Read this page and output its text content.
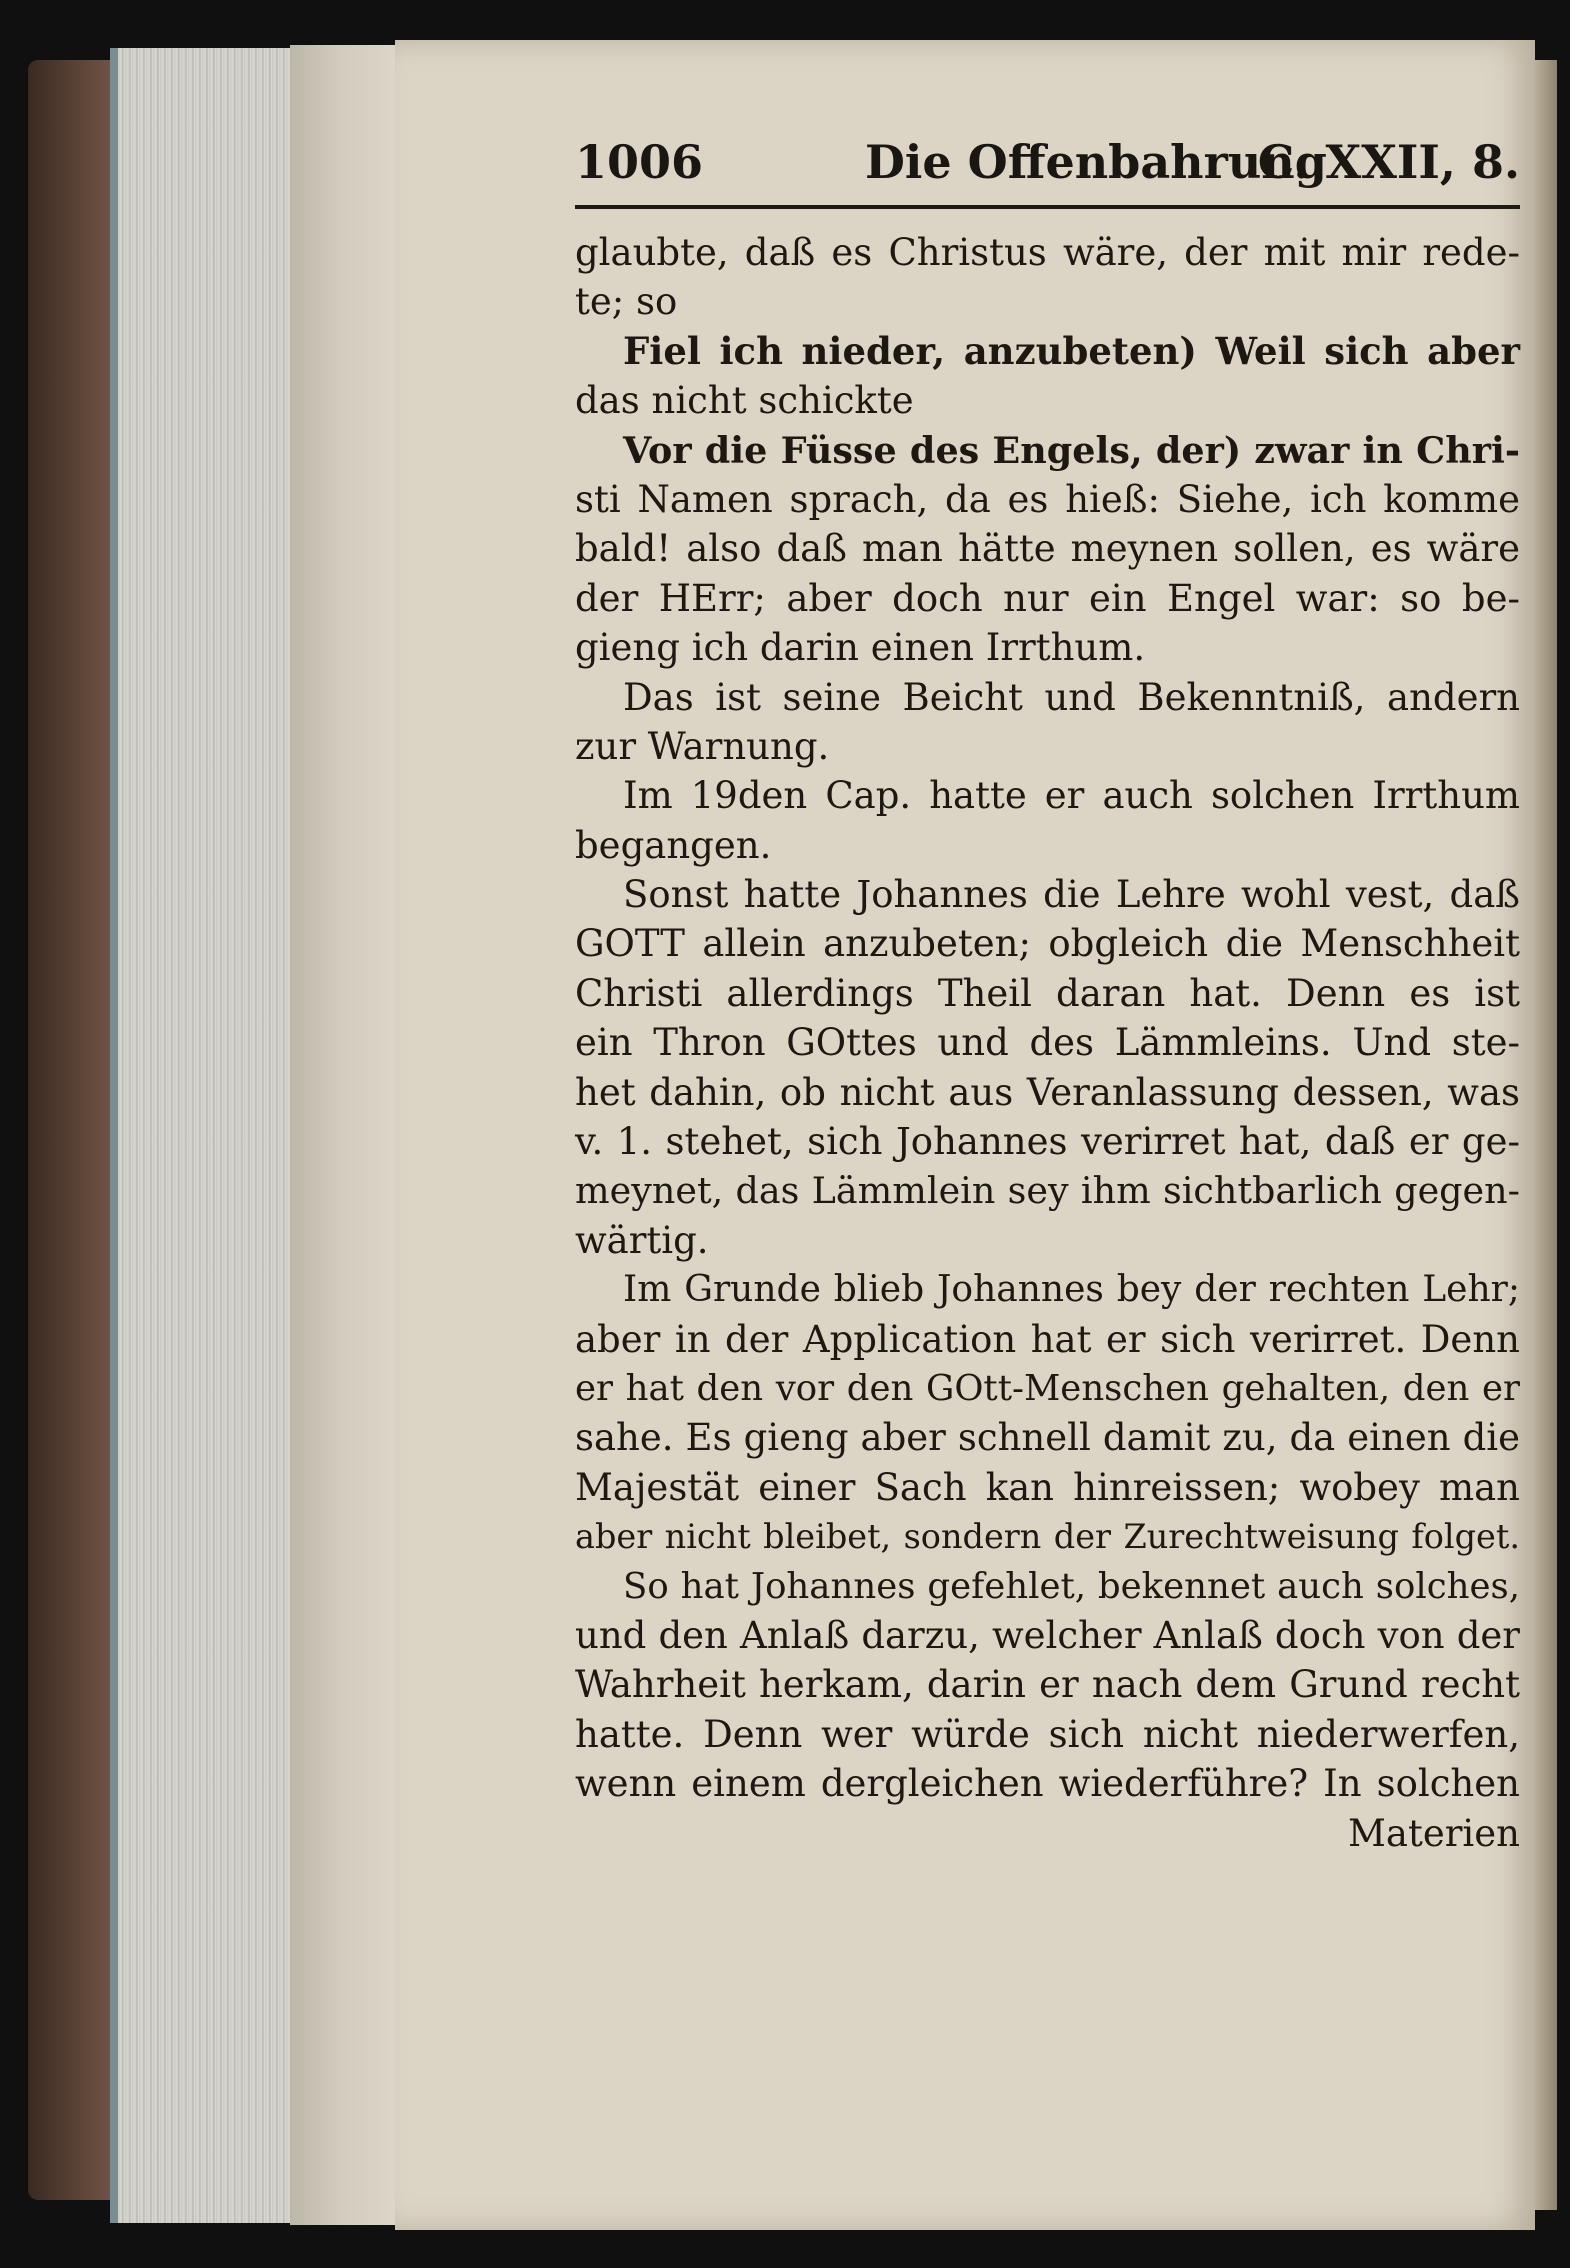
1006	Die Offenbahrung
C. XXII, 8.
glaubte, daß es Christus wäre, der mit mir rede-
te; so
Fiel ich nieder, anzubeten) Weil sich aber
das nicht schickte
Vor die Füsse des Engels, der) zwar in Chri-
sti Namen sprach, da es hieß: Siehe, ich komme
bald! also daß man hätte meynen sollen, es wäre
der HErr; aber doch nur ein Engel war: so be-
gieng ich darin einen Irrthum.
Das ist seine Beicht und Bekenntniß, andern
zur Warnung.
Im 19den Cap. hatte er auch solchen Irrthum
begangen.
Sonst hatte Johannes die Lehre wohl vest, daß
GOTT allein anzubeten; obgleich die Menschheit
Christi allerdings Theil daran hat. Denn es ist
ein Thron GOttes und des Lämmleins. Und ste-
het dahin, ob nicht aus Veranlassung dessen, was
v. 1. stehet, sich Johannes verirret hat, daß er ge-
meynet, das Lämmlein sey ihm sichtbarlich gegen-
wärtig.
Im Grunde blieb Johannes bey der rechten Lehr;
aber in der Application hat er sich verirret. Denn
er hat den vor den GOtt-Menschen gehalten, den er
sahe. Es gieng aber schnell damit zu, da einen die
Majestät einer Sach kan hinreissen; wobey man
aber nicht bleibet, sondern der Zurechtweisung folget.
So hat Johannes gefehlet, bekennet auch solches,
und den Anlaß darzu, welcher Anlaß doch von der
Wahrheit herkam, darin er nach dem Grund recht
hatte. Denn wer würde sich nicht niederwerfen,
wenn einem dergleichen wiederführe? In solchen
Materien
